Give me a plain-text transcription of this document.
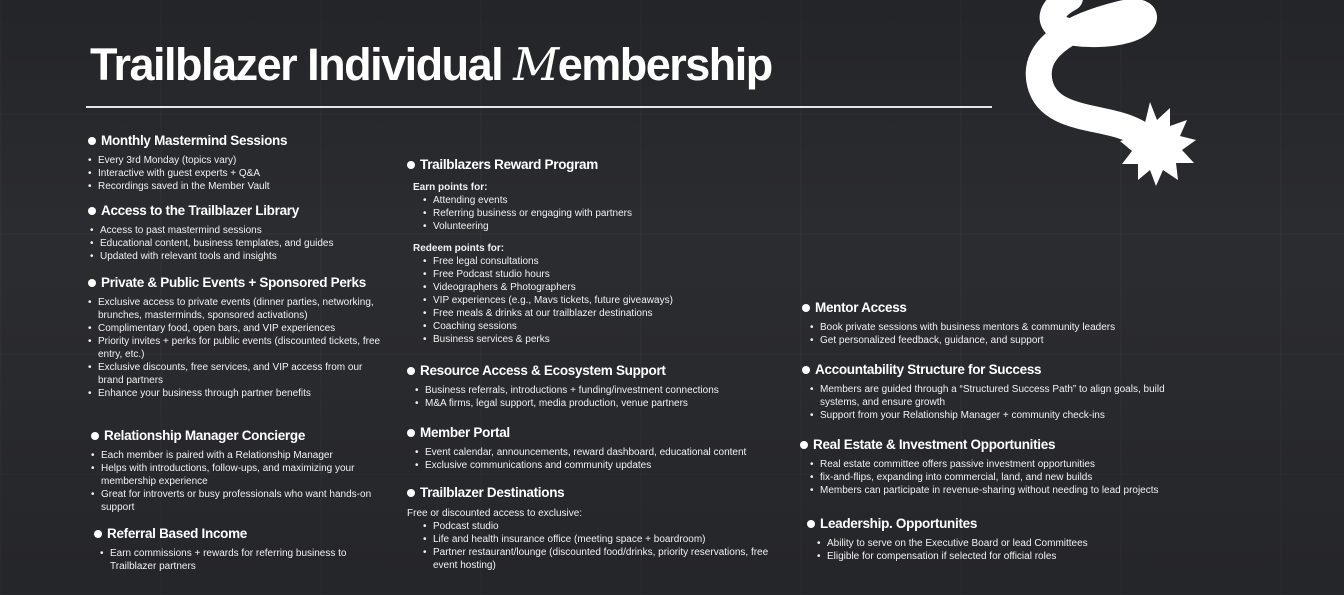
Trailblazer Individual Membership
Monthly Mastermind Sessions
• Every 3rd Monday (topics vary)
• Interactive with guest experts + Q&A
• Recordings saved in the Member Vault
Access to the Trailblazer Library
• Access to past mastermind sessions
• Educational content, business templates, and guides
• Updated with relevant tools and insights
Private & Public Events + Sponsored Perks
• Exclusive access to private events (dinner parties, networking, brunches, masterminds, sponsored activations)
• Complimentary food, open bars, and VIP experiences
• Priority invites + perks for public events (discounted tickets, free entry, etc.)
• Exclusive discounts, free services, and VIP access from our brand partners
• Enhance your business through partner benefits
Relationship Manager Concierge
• Each member is paired with a Relationship Manager
• Helps with introductions, follow-ups, and maximizing your membership experience
• Great for introverts or busy professionals who want hands-on support
Referral Based Income
• Earn commissions + rewards for referring business to Trailblazer partners
Trailblazers Reward Program
Earn points for:
• Attending events
• Referring business or engaging with partners
• Volunteering
Redeem points for:
• Free legal consultations
• Free Podcast studio hours
• Videographers & Photographers
• VIP experiences (e.g., Mavs tickets, future giveaways)
• Free meals & drinks at our trailblazer destinations
• Coaching sessions
• Business services & perks
Resource Access & Ecosystem Support
• Business referrals, introductions + funding/investment connections
• M&A firms, legal support, media production, venue partners
Member Portal
• Event calendar, announcements, reward dashboard, educational content
• Exclusive communications and community updates
Trailblazer Destinations
Free or discounted access to exclusive:
• Podcast studio
• Life and health insurance office (meeting space + boardroom)
• Partner restaurant/lounge (discounted food/drinks, priority reservations, free event hosting)
Mentor Access
• Book private sessions with business mentors & community leaders
• Get personalized feedback, guidance, and support
Accountability Structure for Success
• Members are guided through a “Structured Success Path” to align goals, build systems, and ensure growth
• Support from your Relationship Manager + community check-ins
Real Estate & Investment Opportunities
• Real estate committee offers passive investment opportunities
• fix-and-flips, expanding into commercial, land, and new builds
• Members can participate in revenue-sharing without needing to lead projects
Leadership. Opportunites
• Ability to serve on the Executive Board or lead Committees
• Eligible for compensation if selected for official roles
